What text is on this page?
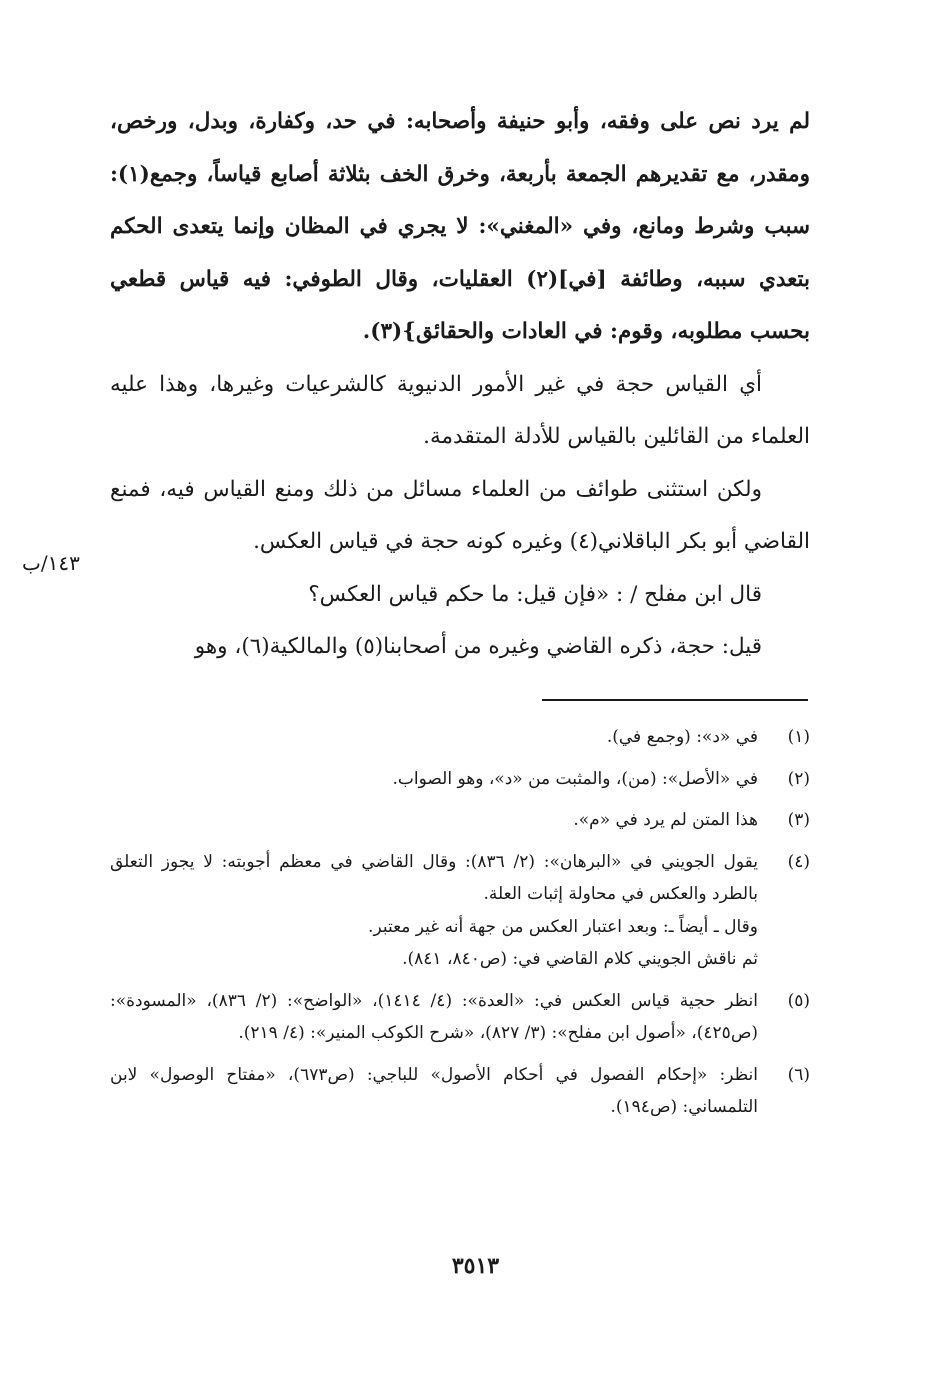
لم يرد نص على وفقه، وأبو حنيفة وأصحابه: في حد، وكفارة، وبدل، ورخص، ومقدر، مع تقديرهم الجمعة بأربعة، وخرق الخف بثلاثة أصابع قياساً، وجمع(١): سبب وشرط ومانع، وفي «المغني»: لا يجري في المظان وإنما يتعدى الحكم بتعدي سببه، وطائفة [في](٢) العقليات، وقال الطوفي: فيه قياس قطعي بحسب مطلوبه، وقوم: في العادات والحقائق}(٣).

أي القياس حجة في غير الأمور الدنيوية كالشرعيات وغيرها، وهذا عليه العلماء من القائلين بالقياس للأدلة المتقدمة.

ولكن استثنى طوائف من العلماء مسائل من ذلك ومنع القياس فيه، فمنع القاضي أبو بكر الباقلاني(٤) وغيره كونه حجة في قياس العكس.

قال ابن مفلح / : «فإن قيل: ما حكم قياس العكس؟

قيل: حجة، ذكره القاضي وغيره من أصحابنا(٥) والمالكية(٦)، وهو

١٤٣/ب
(١)

في «د»: (وجمع في).

(٢)

في «الأصل»: (من)، والمثبت من «د»، وهو الصواب.

(٣)

هذا المتن لم يرد في «م».

(٤)

يقول الجويني في «البرهان»: (٢/ ٨٣٦): وقال القاضي في معظم أجوبته: لا يجوز التعلق بالطرد والعكس في محاولة إثبات العلة.

وقال ـ أيضاً ـ: وبعد اعتبار العكس من جهة أنه غير معتبر.

ثم ناقش الجويني كلام القاضي في: (ص٨٤٠، ٨٤١).

(٥)

انظر حجية قياس العكس في: «العدة»: (٤/ ١٤١٤)، «الواضح»: (٢/ ٨٣٦)، «المسودة»: (ص٤٢٥)، «أصول ابن مفلح»: (٣/ ٨٢٧)، «شرح الكوكب المنير»: (٤/ ٢١٩).

(٦)

انظر: «إحكام الفصول في أحكام الأصول» للباجي: (ص٦٧٣)، «مفتاح الوصول» لابن التلمساني: (ص١٩٤).

٣٥١٣
